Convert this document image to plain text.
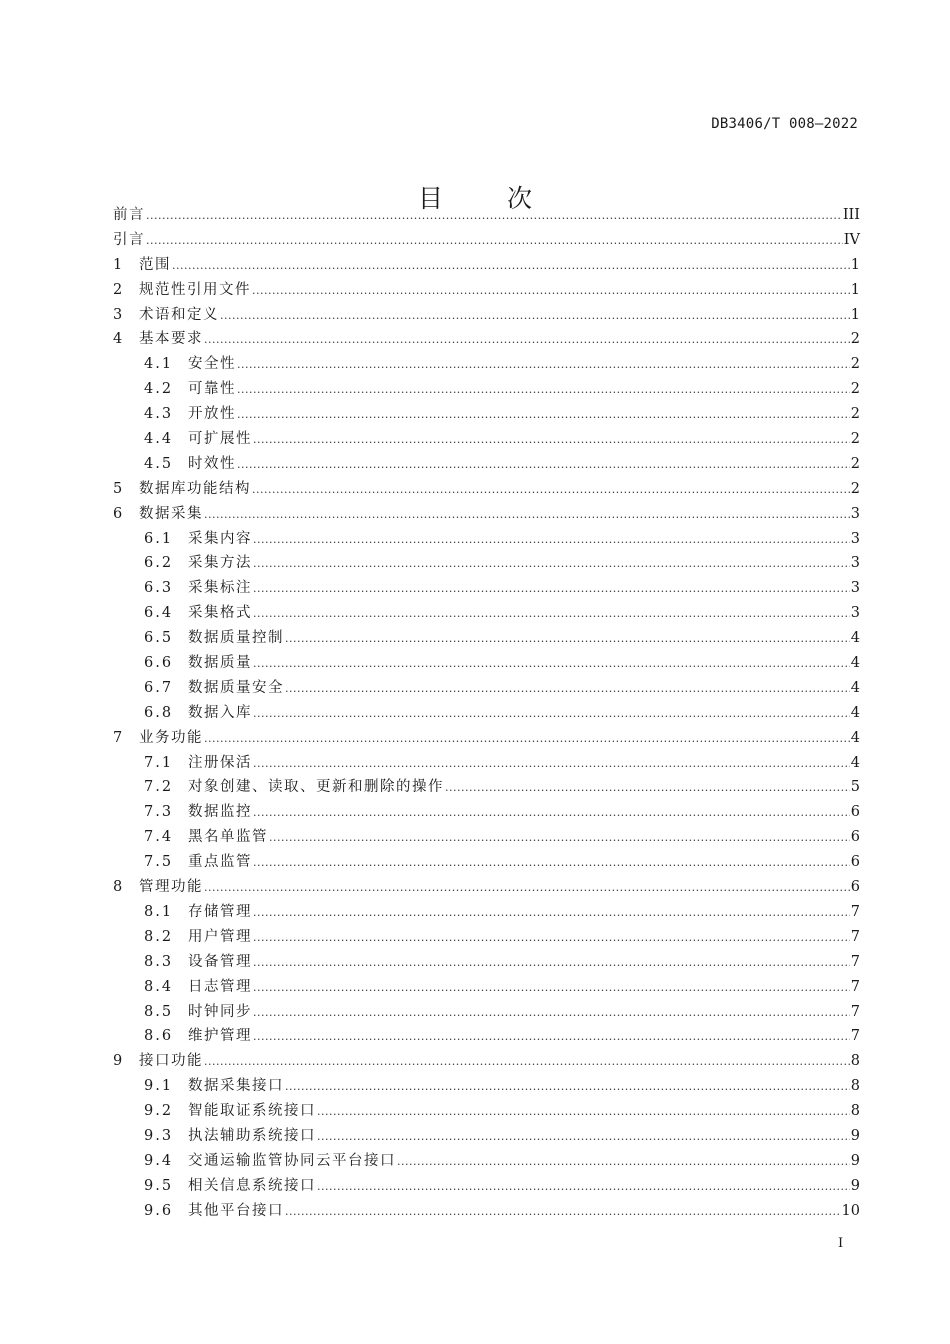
DB3406/T 008—2022
目 次
前言 .....	III
引言 .....	IV
1	范围 .....	1
2	规范性引用文件 .....	1
3	术语和定义 .....	1
4	基本要求 .....	2
4.1	安全性 .....	2
4.2	可靠性 .....	2
4.3	开放性 .....	2
4.4	可扩展性 .....	2
4.5	时效性 .....	2
5	数据库功能结构 .....	2
6	数据采集 .....	3
6.1	采集内容 .....	3
6.2	采集方法 .....	3
6.3	采集标注 .....	3
6.4	采集格式 .....	3
6.5	数据质量控制 .....	4
6.6	数据质量 .....	4
6.7	数据质量安全 .....	4
6.8	数据入库 .....	4
7	业务功能 .....	4
7.1	注册保活 .....	4
7.2	对象创建、读取、更新和删除的操作 .....	5
7.3	数据监控 .....	6
7.4	黑名单监管 .....	6
7.5	重点监管 .....	6
8	管理功能 .....	6
8.1	存储管理 .....	7
8.2	用户管理 .....	7
8.3	设备管理 .....	7
8.4	日志管理 .....	7
8.5	时钟同步 .....	7
8.6	维护管理 .....	7
9	接口功能 .....	8
9.1	数据采集接口 .....	8
9.2	智能取证系统接口 .....	8
9.3	执法辅助系统接口 .....	9
9.4	交通运输监管协同云平台接口 .....	9
9.5	相关信息系统接口 .....	9
9.6	其他平台接口 .....	10
I
